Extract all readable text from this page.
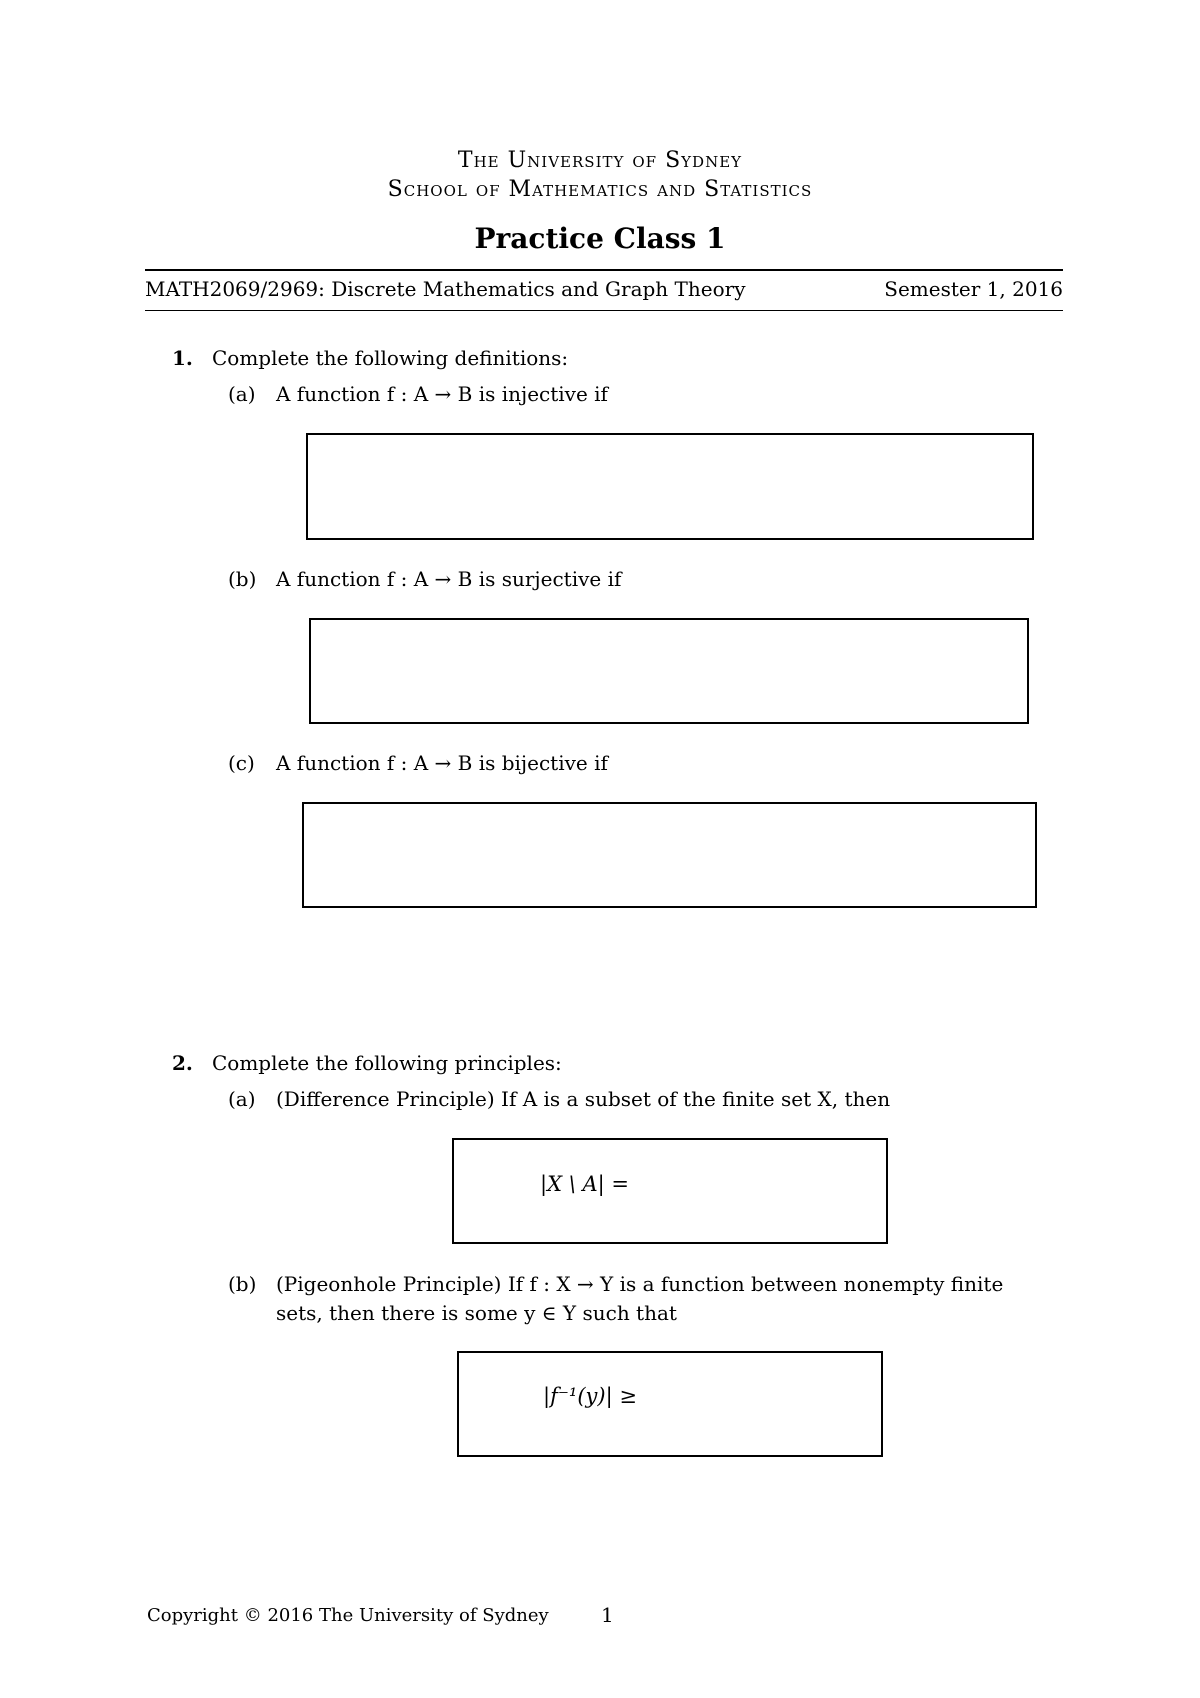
The University of Sydney
School of Mathematics and Statistics
Practice Class 1
MATH2069/2969: Discrete Mathematics and Graph Theory	Semester 1, 2016
1. Complete the following definitions:
(a) A function f : A → B is injective if
(b) A function f : A → B is surjective if
(c) A function f : A → B is bijective if
2. Complete the following principles:
(a) (Difference Principle) If A is a subset of the finite set X, then
|X \ A| =
(b) (Pigeonhole Principle) If f : X → Y is a function between nonempty finite
sets, then there is some y ∈ Y such that
|f⁻¹(y)| ≥
Copyright © 2016 The University of Sydney	1
